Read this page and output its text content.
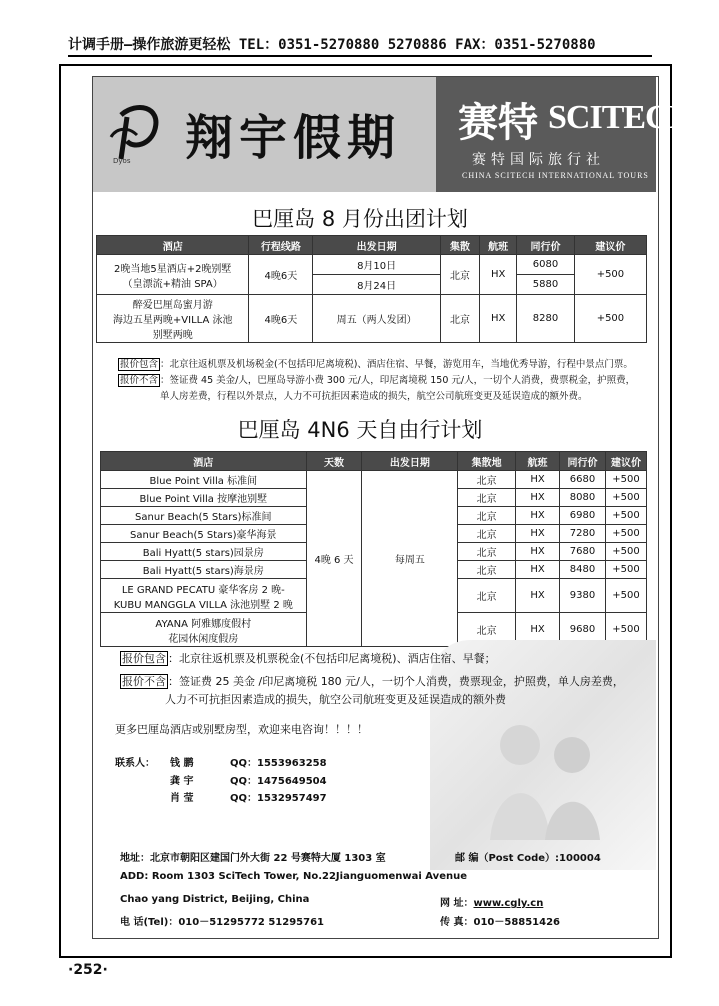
计调手册—操作旅游更轻松 TEL：0351-5270880 5270886 FAX：0351-5270880
Dyos 翔宇假期 赛特 SCITECH
赛特国际旅行社
CHINA SCITECH INTERNATIONAL TOURS
巴厘岛 8 月份出团计划
酒店	行程线路	出发日期	集散	航班	同行价	建议价

2晚当地5星酒店+2晚别墅
（皇漂流+精油 SPA）	4晚6天	8月10日	北京	HX	6080	+500
		8月24日			5880	

醉爱巴厘岛蜜月游
海边五星两晚+VILLA 泳池
别墅两晚	4晚6天	周五（两人发团）	北京	HX	8280	+500
报价包含 ：北京往返机票及机场税金(不包括印尼离境税)、酒店住宿、早餐，游览用车，当地优秀导游，行程中景点门票。
报价不含 ：签证费 45 美金/人，巴厘岛导游小费 300 元/人，印尼离境税 150 元/人，一切个人消费，费票税金，护照费，
单人房差费，行程以外景点，人力不可抗拒因素造成的损失，航空公司航班变更及延误造成的额外费。
巴厘岛 4N6 天自由行计划
酒店	天数	出发日期	集散地	航班	同行价	建议价
Blue Point Villa 标准间	4晚 6 天	每周五	北京	HX	6680	+500
Blue Point Villa 按摩池别墅			北京	HX	8080	+500
Sanur Beach(5 Stars)标准间			北京	HX	6980	+500
Sanur Beach(5 Stars)豪华海景			北京	HX	7280	+500
Bali Hyatt(5 stars)园景房			北京	HX	7680	+500
Bali Hyatt(5 stars)海景房			北京	HX	8480	+500

LE GRAND PECATU 豪华客房 2 晚-
KUBU MANGGLA VILLA 泳池别墅 2 晚			北京	HX	9380	+500

AYANA 阿雅娜度假村
花园休闲度假房			北京	HX	9680	+500
报价包含 ：北京往返机票及机票税金(不包括印尼离境税)、酒店住宿、早餐；
报价不含 ：签证费 25 美金 /印尼离境税 180 元/人，一切个人消费，费票现金，护照费，单人房差费，
人力不可抗拒因素造成的损失，航空公司航班变更及延误造成的额外费
更多巴厘岛酒店或别墅房型，欢迎来电咨询！！！！
联系人： 钱 鹏	QQ：1553963258
龚 宇	QQ：1475649504
肖 莹	QQ：1532957497
地址：北京市朝阳区建国门外大街 22 号赛特大厦 1303 室	邮 编（Post Code）:100004
ADD: Room 1303 SciTech Tower, No.22Jianguomenwai Avenue
Chao yang District, Beijing, China	网 址：www.cgly.cn
电 话(Tel)：010－51295772 51295761	传 真：010－58851426
·252·
